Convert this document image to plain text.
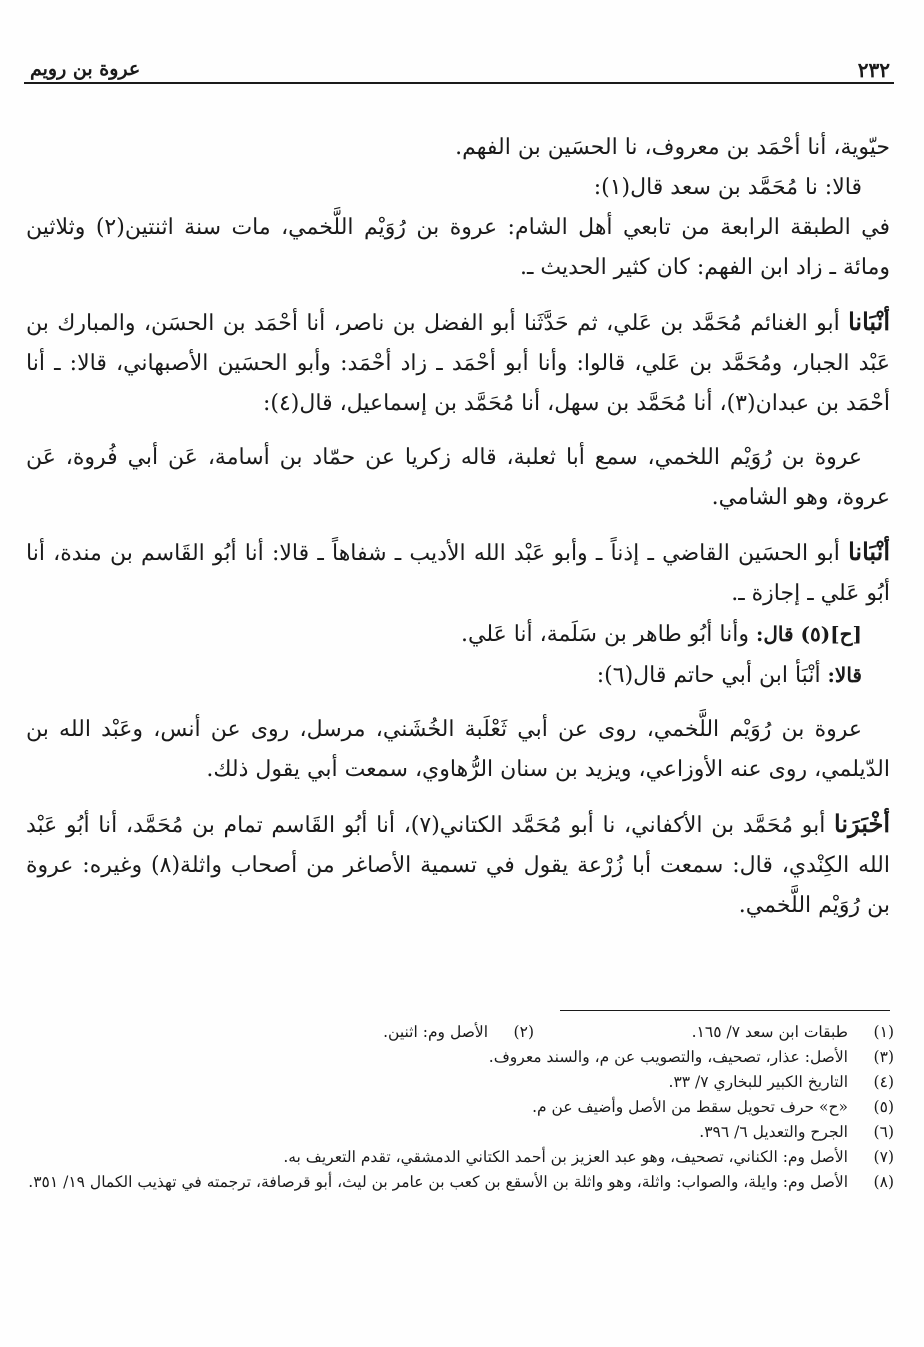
٢٣٢
عروة بن رويم

حيّوية، أنا أحْمَد بن معروف، نا الحسَين بن الفهم.

قالا: نا مُحَمَّد بن سعد قال(١):

في الطبقة الرابعة من تابعي أهل الشام: عروة بن رُوَيْم اللَّخمي، مات سنة اثنتين(٢) وثلاثين ومائة ـ زاد ابن الفهم: كان كثير الحديث ـ.

أنْبَانا أبو الغنائم مُحَمَّد بن عَلي، ثم حَدَّثَنا أبو الفضل بن ناصر، أنا أحْمَد بن الحسَن، والمبارك بن عَبْد الجبار، ومُحَمَّد بن عَلي، قالوا: وأنا أبو أحْمَد ـ زاد أحْمَد: وأبو الحسَين الأصبهاني، قالا: ـ أنا أحْمَد بن عبدان(٣)، أنا مُحَمَّد بن سهل، أنا مُحَمَّد بن إسماعيل، قال(٤):

عروة بن رُوَيْم اللخمي، سمع أبا ثعلبة، قاله زكريا عن حمّاد بن أسامة، عَن أبي فُروة، عَن عروة، وهو الشامي.

أنْبَانا أبو الحسَين القاضي ـ إذناً ـ وأبو عَبْد الله الأديب ـ شفاهاً ـ قالا: أنا أبُو القَاسم بن مندة، أنا أبُو عَلي ـ إجازة ـ.

[ح](٥) قال: وأنا أبُو طاهر بن سَلَمة، أنا عَلي.

قالا: أنْبَأ ابن أبي حاتم قال(٦):

عروة بن رُوَيْم اللَّخمي، روى عن أبي ثَعْلَبة الخُشَني، مرسل، روى عن أنس، وعَبْد الله بن الدّيلمي، روى عنه الأوزاعي، ويزيد بن سنان الرُّهاوي، سمعت أبي يقول ذلك.

أخْبَرَنا أبو مُحَمَّد بن الأكفاني، نا أبو مُحَمَّد الكتاني(٧)، أنا أبُو القَاسم تمام بن مُحَمَّد، أنا أبُو عَبْد الله الكِنْدي، قال: سمعت أبا زُرْعة يقول في تسمية الأصاغر من أصحاب واثلة(٨) وغيره: عروة بن رُوَيْم اللَّخمي.

(١)
طبقات ابن سعد ٧/ ١٦٥.
(٢)
الأصل وم: اثنين.
(٣)
الأصل: عذار، تصحيف، والتصويب عن م، والسند معروف.
(٤)
التاريخ الكبير للبخاري ٧/ ٣٣.
(٥)
«ح» حرف تحويل سقط من الأصل وأضيف عن م.
(٦)
الجرح والتعديل ٦/ ٣٩٦.
(٧)
الأصل وم: الكناني، تصحيف، وهو عبد العزيز بن أحمد الكتاني الدمشقي، تقدم التعريف به.
(٨)
الأصل وم: وايلة، والصواب: واثلة، وهو واثلة بن الأسقع بن كعب بن عامر بن ليث، أبو قرصافة، ترجمته في تهذيب الكمال ١٩/ ٣٥١.
